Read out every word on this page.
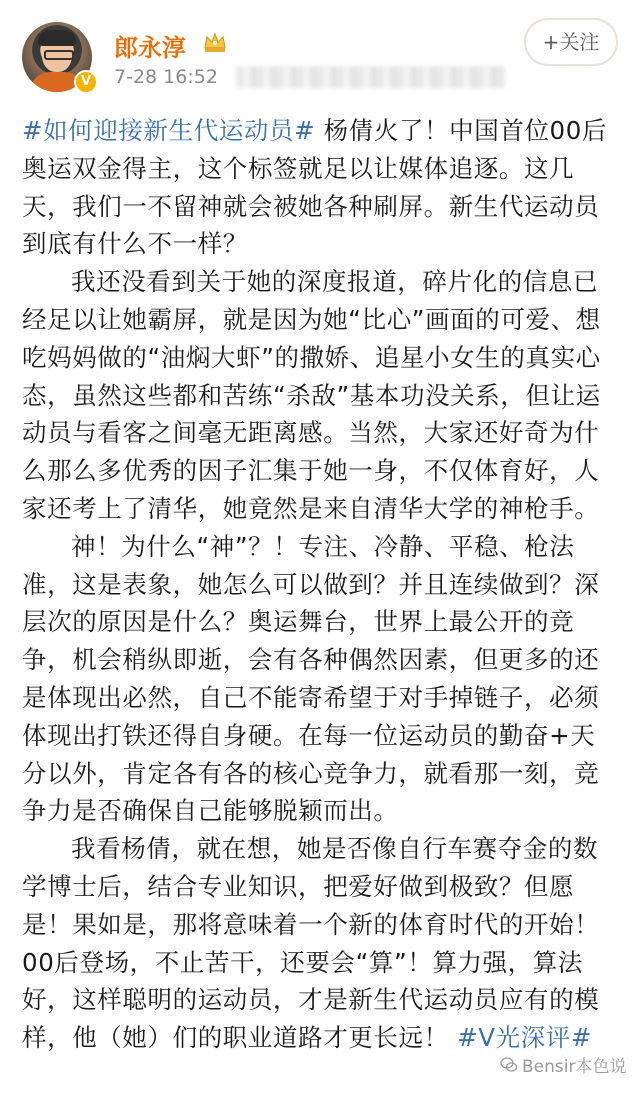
V
郎永淳
7-28 16:52
+关注

#如何迎接新生代运动员# 杨倩火了！中国首位00后奥运双金得主，这个标签就足以让媒体追逐。这几天，我们一不留神就会被她各种刷屏。新生代运动员到底有什么不一样？

我还没看到关于她的深度报道，碎片化的信息已经足以让她霸屏，就是因为她“比心”画面的可爱、想吃妈妈做的“油焖大虾”的撒娇、追星小女生的真实心态，虽然这些都和苦练“杀敌”基本功没关系，但让运动员与看客之间毫无距离感。当然，大家还好奇为什么那么多优秀的因子汇集于她一身，不仅体育好，人家还考上了清华，她竟然是来自清华大学的神枪手。

神！为什么“神”？！专注、冷静、平稳、枪法准，这是表象，她怎么可以做到？并且连续做到？深层次的原因是什么？奥运舞台，世界上最公开的竞争，机会稍纵即逝，会有各种偶然因素，但更多的还是体现出必然，自己不能寄希望于对手掉链子，必须体现出打铁还得自身硬。在每一位运动员的勤奋+天分以外，肯定各有各的核心竞争力，就看那一刻，竞争力是否确保自己能够脱颖而出。

我看杨倩，就在想，她是否像自行车赛夺金的数学博士后，结合专业知识，把爱好做到极致？但愿是！果如是，那将意味着一个新的体育时代的开始！00后登场，不止苦干，还要会“算”！算力强，算法好，这样聪明的运动员，才是新生代运动员应有的模样，他（她）们的职业道路才更长远！ #V光深评#

Bensir本色说
